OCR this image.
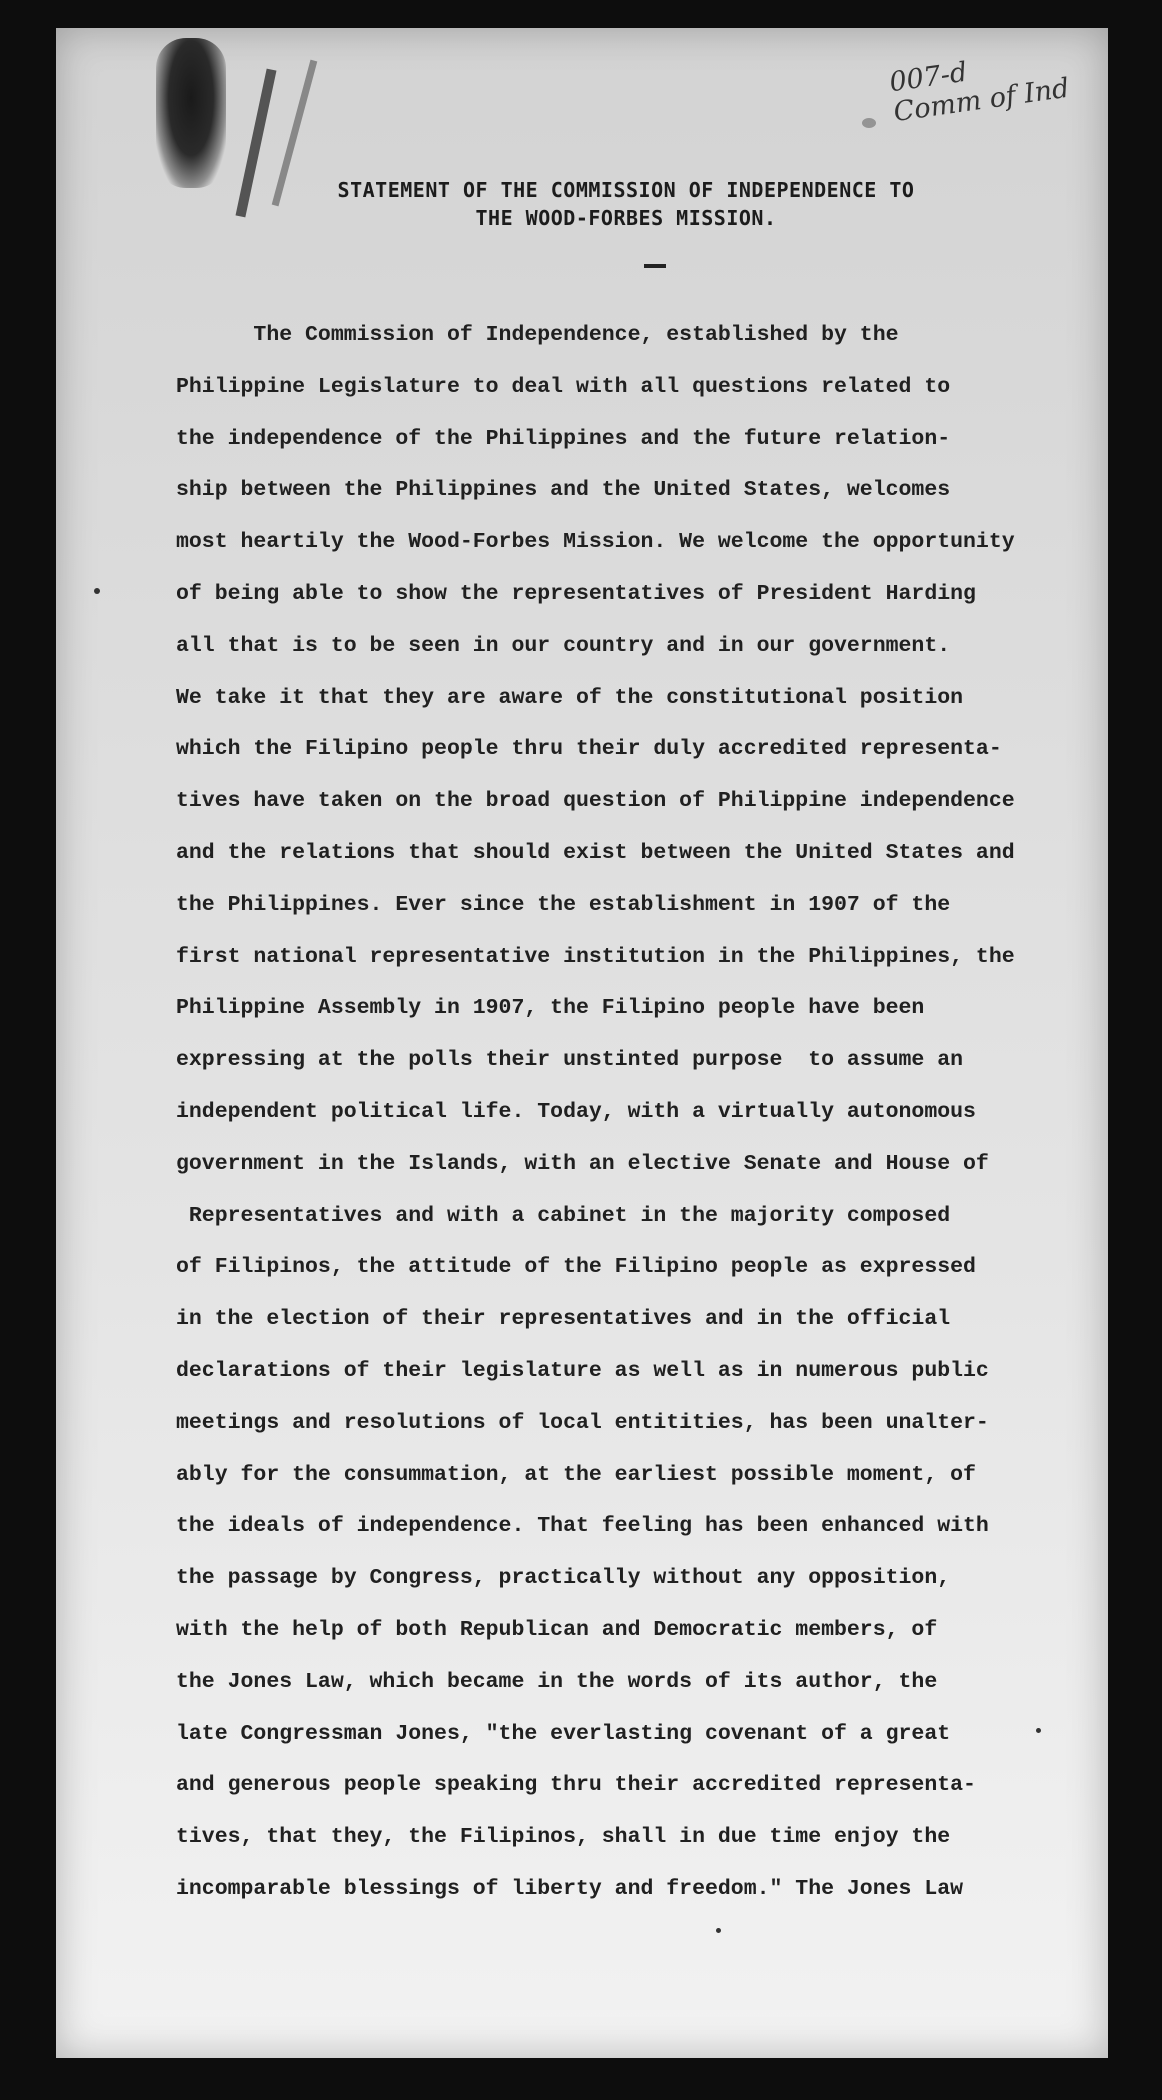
007-d
Comm of Ind
STATEMENT OF THE COMMISSION OF INDEPENDENCE TO
THE WOOD-FORBES MISSION.
The Commission of Independence, established by the
Philippine Legislature to deal with all questions related to
the independence of the Philippines and the future relation-
ship between the Philippines and the United States, welcomes
most heartily the Wood-Forbes Mission. We welcome the opportunity
of being able to show the representatives of President Harding
all that is to be seen in our country and in our government.
We take it that they are aware of the constitutional position
which the Filipino people thru their duly accredited representa-
tives have taken on the broad question of Philippine independence
and the relations that should exist between the United States and
the Philippines. Ever since the establishment in 1907 of the
first national representative institution in the Philippines, the
Philippine Assembly in 1907, the Filipino people have been
expressing at the polls their unstinted purpose  to assume an
independent political life. Today, with a virtually autonomous
government in the Islands, with an elective Senate and House of
Representatives and with a cabinet in the majority composed
of Filipinos, the attitude of the Filipino people as expressed
in the election of their representatives and in the official
declarations of their legislature as well as in numerous public
meetings and resolutions of local entitities, has been unalter-
ably for the consummation, at the earliest possible moment, of
the ideals of independence. That feeling has been enhanced with
the passage by Congress, practically without any opposition,
with the help of both Republican and Democratic members, of
the Jones Law, which became in the words of its author, the
late Congressman Jones, "the everlasting covenant of a great
and generous people speaking thru their accredited representa-
tives, that they, the Filipinos, shall in due time enjoy the
incomparable blessings of liberty and freedom." The Jones Law
